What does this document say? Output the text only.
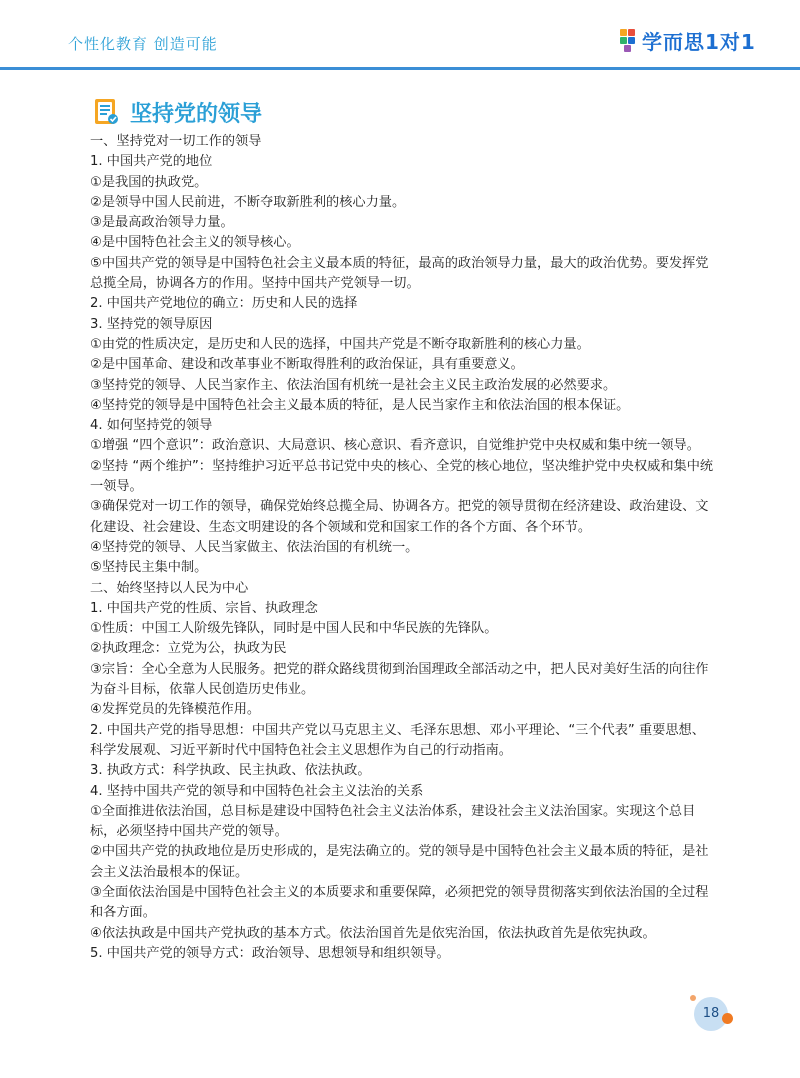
个性化教育 创造可能	学而思1对1
坚持党的领导

一、坚持党对一切工作的领导

1. 中国共产党的地位

①是我国的执政党。

②是领导中国人民前进，不断夺取新胜利的核心力量。

③是最高政治领导力量。

④是中国特色社会主义的领导核心。

⑤中国共产党的领导是中国特色社会主义最本质的特征，最高的政治领导力量，最大的政治优势。要发挥党总揽全局，协调各方的作用。坚持中国共产党领导一切。

2. 中国共产党地位的确立：历史和人民的选择

3. 坚持党的领导原因

①由党的性质决定，是历史和人民的选择，中国共产党是不断夺取新胜利的核心力量。

②是中国革命、建设和改革事业不断取得胜利的政治保证，具有重要意义。

③坚持党的领导、人民当家作主、依法治国有机统一是社会主义民主政治发展的必然要求。

④坚持党的领导是中国特色社会主义最本质的特征，是人民当家作主和依法治国的根本保证。

4. 如何坚持党的领导

①增强 “四个意识”：政治意识、大局意识、核心意识、看齐意识，自觉维护党中央权威和集中统一领导。

②坚持 “两个维护”：坚持维护习近平总书记党中央的核心、全党的核心地位，坚决维护党中央权威和集中统一领导。

③确保党对一切工作的领导，确保党始终总揽全局、协调各方。把党的领导贯彻在经济建设、政治建设、文化建设、社会建设、生态文明建设的各个领域和党和国家工作的各个方面、各个环节。

④坚持党的领导、人民当家做主、依法治国的有机统一。

⑤坚持民主集中制。

二、始终坚持以人民为中心

1. 中国共产党的性质、宗旨、执政理念

①性质：中国工人阶级先锋队，同时是中国人民和中华民族的先锋队。

②执政理念：立党为公，执政为民

③宗旨：全心全意为人民服务。把党的群众路线贯彻到治国理政全部活动之中，把人民对美好生活的向往作为奋斗目标，依靠人民创造历史伟业。

④发挥党员的先锋模范作用。

2. 中国共产党的指导思想：中国共产党以马克思主义、毛泽东思想、邓小平理论、“三个代表” 重要思想、科学发展观、习近平新时代中国特色社会主义思想作为自己的行动指南。

3. 执政方式：科学执政、民主执政、依法执政。

4. 坚持中国共产党的领导和中国特色社会主义法治的关系

①全面推进依法治国，总目标是建设中国特色社会主义法治体系，建设社会主义法治国家。实现这个总目标，必须坚持中国共产党的领导。

②中国共产党的执政地位是历史形成的，是宪法确立的。党的领导是中国特色社会主义最本质的特征，是社会主义法治最根本的保证。

③全面依法治国是中国特色社会主义的本质要求和重要保障，必须把党的领导贯彻落实到依法治国的全过程和各方面。

④依法执政是中国共产党执政的基本方式。依法治国首先是依宪治国，依法执政首先是依宪执政。

5. 中国共产党的领导方式：政治领导、思想领导和组织领导。

18
